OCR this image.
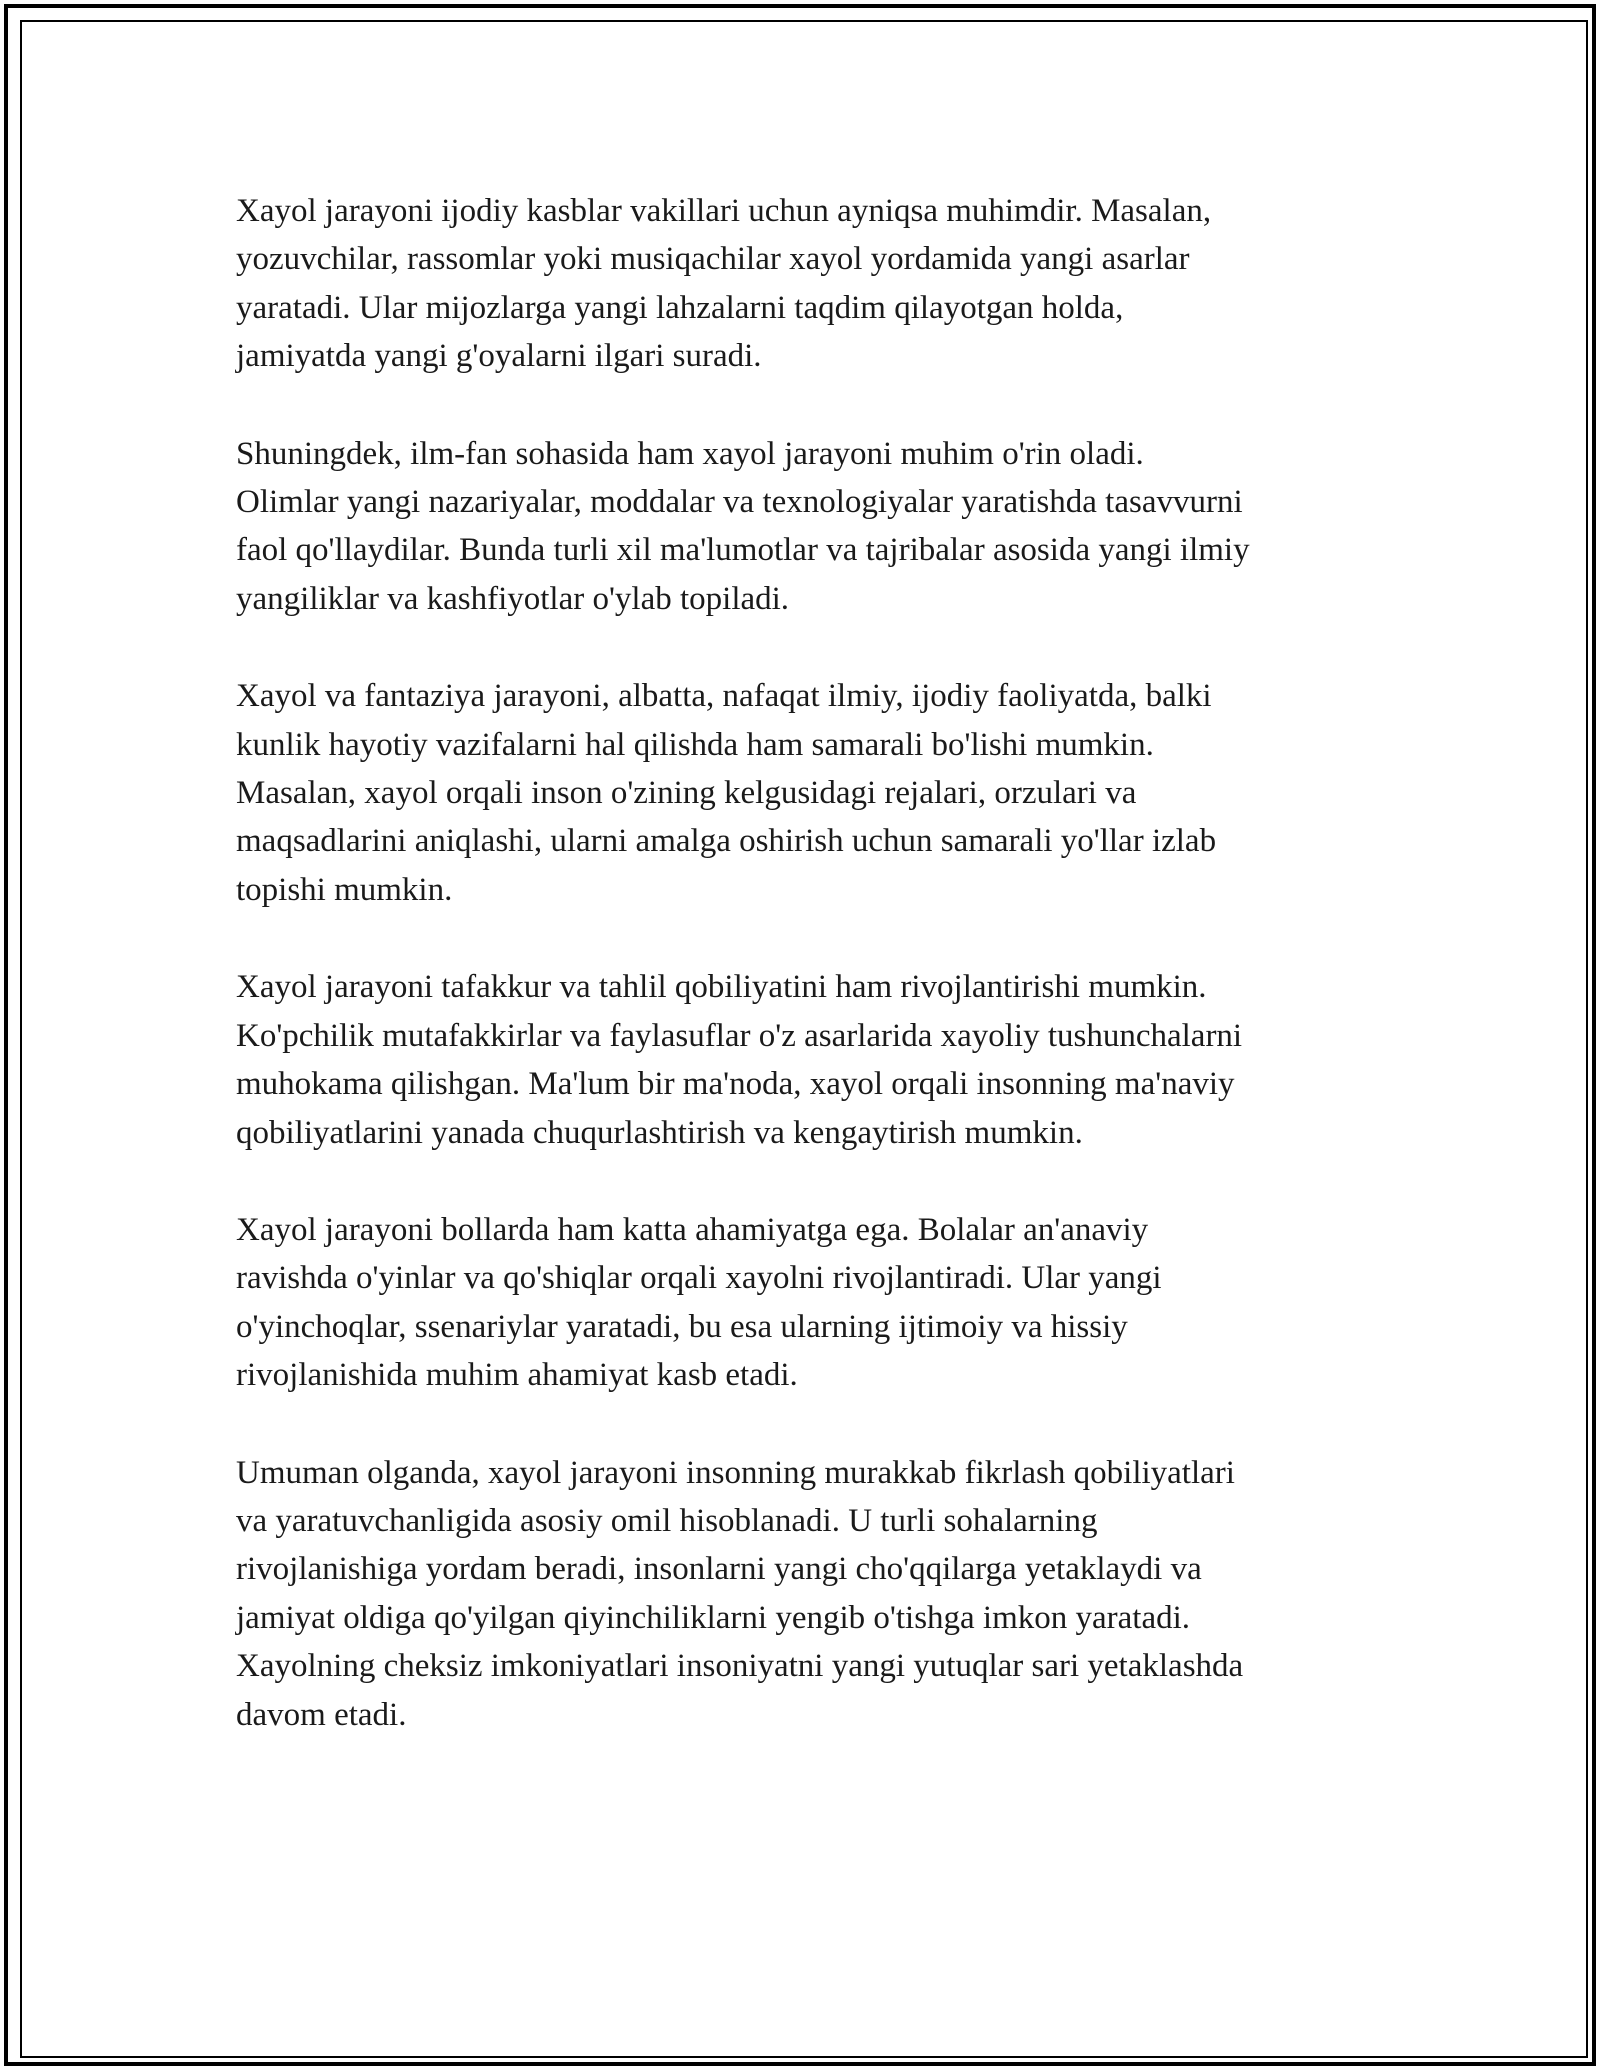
Xayol jarayoni ijodiy kasblar vakillari uchun ayniqsa muhimdir. Masalan,
yozuvchilar, rassomlar yoki musiqachilar xayol yordamida yangi asarlar
yaratadi. Ular mijozlarga yangi lahzalarni taqdim qilayotgan holda,
jamiyatda yangi g'oyalarni ilgari suradi.

Shuningdek, ilm-fan sohasida ham xayol jarayoni muhim o'rin oladi.
Olimlar yangi nazariyalar, moddalar va texnologiyalar yaratishda tasavvurni
faol qo'llaydilar. Bunda turli xil ma'lumotlar va tajribalar asosida yangi ilmiy
yangiliklar va kashfiyotlar o'ylab topiladi.

Xayol va fantaziya jarayoni, albatta, nafaqat ilmiy, ijodiy faoliyatda, balki
kunlik hayotiy vazifalarni hal qilishda ham samarali bo'lishi mumkin.
Masalan, xayol orqali inson o'zining kelgusidagi rejalari, orzulari va
maqsadlarini aniqlashi, ularni amalga oshirish uchun samarali yo'llar izlab
topishi mumkin.

Xayol jarayoni tafakkur va tahlil qobiliyatini ham rivojlantirishi mumkin.
Ko'pchilik mutafakkirlar va faylasuflar o'z asarlarida xayoliy tushunchalarni
muhokama qilishgan. Ma'lum bir ma'noda, xayol orqali insonning ma'naviy
qobiliyatlarini yanada chuqurlashtirish va kengaytirish mumkin.

Xayol jarayoni bollarda ham katta ahamiyatga ega. Bolalar an'anaviy
ravishda o'yinlar va qo'shiqlar orqali xayolni rivojlantiradi. Ular yangi
o'yinchoqlar, ssenariylar yaratadi, bu esa ularning ijtimoiy va hissiy
rivojlanishida muhim ahamiyat kasb etadi.

Umuman olganda, xayol jarayoni insonning murakkab fikrlash qobiliyatlari
va yaratuvchanligida asosiy omil hisoblanadi. U turli sohalarning
rivojlanishiga yordam beradi, insonlarni yangi cho'qqilarga yetaklaydi va
jamiyat oldiga qo'yilgan qiyinchiliklarni yengib o'tishga imkon yaratadi.
Xayolning cheksiz imkoniyatlari insoniyatni yangi yutuqlar sari yetaklashda
davom etadi.
